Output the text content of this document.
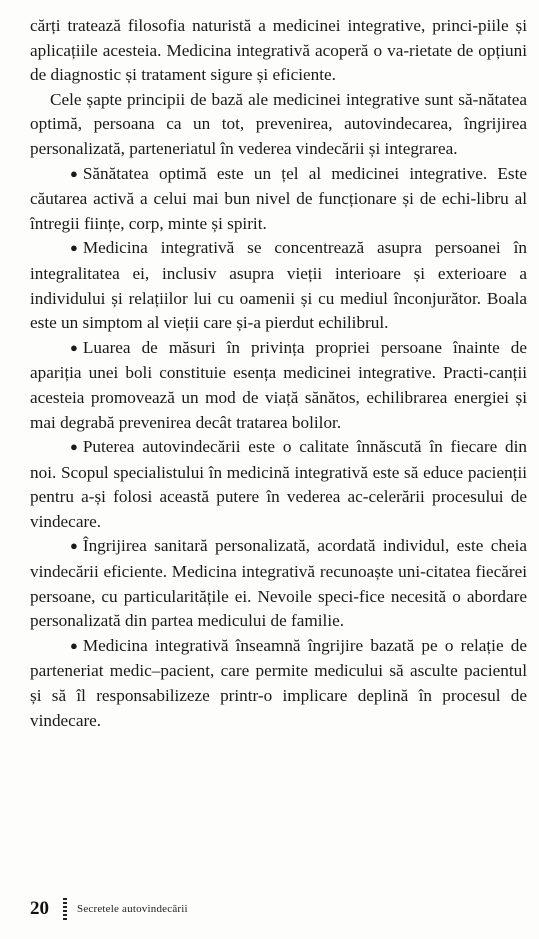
cărți tratează filosofia naturistă a medicinei integrative, princi-piile și aplicațiile acesteia. Medicina integrativă acoperă o va-rietate de opțiuni de diagnostic și tratament sigure și eficiente.

Cele șapte principii de bază ale medicinei integrative sunt să-nătatea optimă, persoana ca un tot, prevenirea, autovindecarea, îngrijirea personalizată, parteneriatul în vederea vindecării și integrarea.

● Sănătatea optimă este un țel al medicinei integrative. Este căutarea activă a celui mai bun nivel de funcționare și de echi-libru al întregii ființe, corp, minte și spirit.

● Medicina integrativă se concentrează asupra persoanei în integralitatea ei, inclusiv asupra vieții interioare și exterioare a individului și relațiilor lui cu oamenii și cu mediul înconjurător. Boala este un simptom al vieții care și-a pierdut echilibrul.

● Luarea de măsuri în privința propriei persoane înainte de apariția unei boli constituie esența medicinei integrative. Practi-canții acesteia promovează un mod de viață sănătos, echilibrarea energiei și mai degrabă prevenirea decât tratarea bolilor.

● Puterea autovindecării este o calitate înnăscută în fiecare din noi. Scopul specialistului în medicină integrativă este să educe pacienții pentru a-și folosi această putere în vederea ac-celerării procesului de vindecare.

● Îngrijirea sanitară personalizată, acordată individul, este cheia vindecării eficiente. Medicina integrativă recunoaște uni-citatea fiecărei persoane, cu particularitățile ei. Nevoile speci-fice necesită o abordare personalizată din partea medicului de familie.

● Medicina integrativă înseamnă îngrijire bazată pe o relație de parteneriat medic–pacient, care permite medicului să asculte pacientul și să îl responsabilizeze printr-o implicare deplină în procesul de vindecare.

20	Secretele autovindecării
